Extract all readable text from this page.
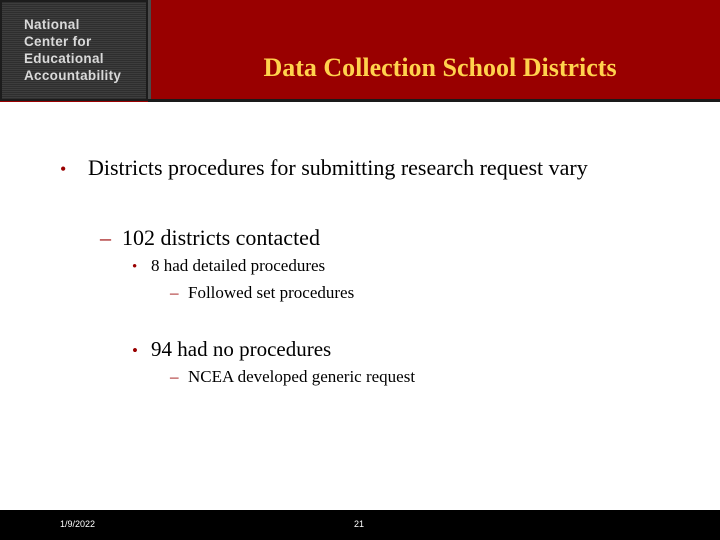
National
Center for
Educational
Accountability	Data Collection School Districts
• Districts procedures for submitting research request vary
– 102 districts contacted
• 8 had detailed procedures
– Followed set procedures
• 94 had no procedures
– NCEA developed generic request
1/9/2022	21
